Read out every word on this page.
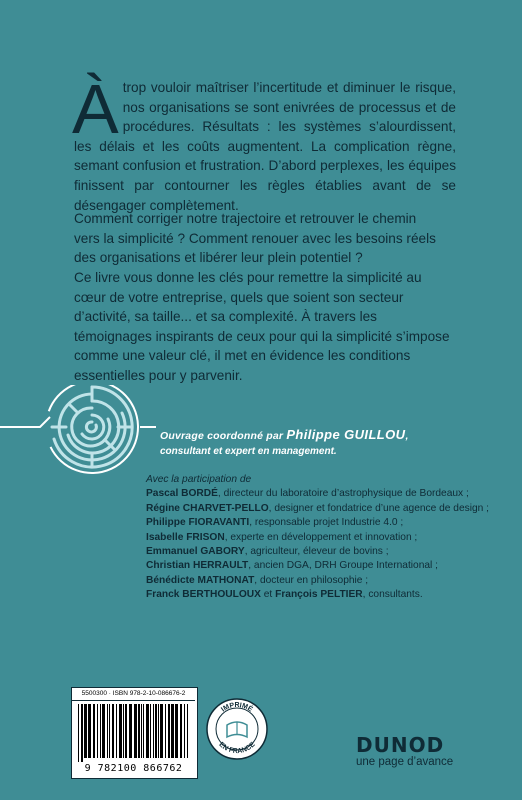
Àtrop vouloir maîtriser l’incertitude et diminuer le risque, nos organisations se sont enivrées de processus et de procédures. Résultats : les systèmes s’alourdissent, les délais et les coûts augmentent. La complication règne, semant confusion et frustration. D’abord perplexes, les équipes finissent par contourner les règles établies avant de se désengager complètement.

Comment corriger notre trajectoire et retrouver le chemin vers la simplicité ? Comment renouer avec les besoins réels des organisations et libérer leur plein potentiel ?

Ce livre vous donne les clés pour remettre la simplicité au cœur de votre entreprise, quels que soient son secteur d’activité, sa taille... et sa complexité. À travers les témoignages inspirants de ceux pour qui la simplicité s’impose comme une valeur clé, il met en évidence les conditions essentielles pour y parvenir.

Ouvrage coordonné par Philippe GUILLOU,
consultant et expert en management.
Avec la participation de
Pascal BORDÉ, directeur du laboratoire d’astrophysique de Bordeaux ;
Régine CHARVET-PELLO, designer et fondatrice d’une agence de design ;
Philippe FIORAVANTI, responsable projet Industrie 4.0 ;
Isabelle FRISON, experte en développement et innovation ;
Emmanuel GABORY, agriculteur, éleveur de bovins ;
Christian HERRAULT, ancien DGA, DRH Groupe International ;
Bénédicte MATHONAT, docteur en philosophie ;
Franck BERTHOULOUX et François PELTIER, consultants.
5500300 · ISBN 978-2-10-086676-2
9 782100 866762
IMPRIMÉ
EN FRANCE	DUNOD
une page d’avance
